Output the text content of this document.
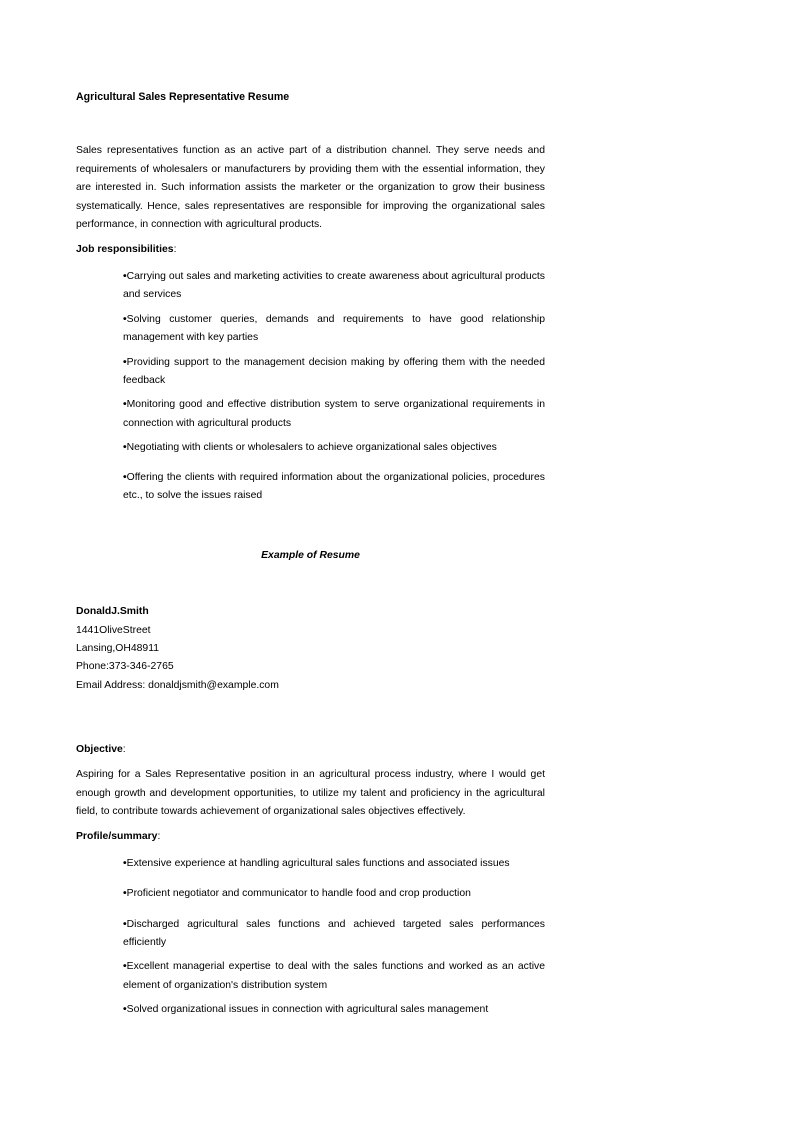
Agricultural Sales Representative Resume

Sales representatives function as an active part of a distribution channel. They serve needs and requirements of wholesalers or manufacturers by providing them with the essential information, they are interested in. Such information assists the marketer or the organization to grow their business systematically. Hence, sales representatives are responsible for improving the organizational sales performance, in connection with agricultural products.

Job responsibilities:

•Carrying out sales and marketing activities to create awareness about agricultural products and services
•Solving customer queries, demands and requirements to have good relationship management with key parties
•Providing support to the management decision making by offering them with the needed feedback
•Monitoring good and effective distribution system to serve organizational requirements in connection with agricultural products
•Negotiating with clients or wholesalers to achieve organizational sales objectives
•Offering the clients with required information about the organizational policies, procedures etc., to solve the issues raised

Example of Resume

DonaldJ.Smith

1441OliveStreet

Lansing,OH48911

Phone:373-346-2765

Email Address: donaldjsmith@example.com

Objective:

Aspiring for a Sales Representative position in an agricultural process industry, where I would get enough growth and development opportunities, to utilize my talent and proficiency in the agricultural field, to contribute towards achievement of organizational sales objectives effectively.

Profile/summary:

•Extensive experience at handling agricultural sales functions and associated issues
•Proficient negotiator and communicator to handle food and crop production
•Discharged agricultural sales functions and achieved targeted sales performances efficiently
•Excellent managerial expertise to deal with the sales functions and worked as an active element of organization's distribution system
•Solved organizational issues in connection with agricultural sales management
